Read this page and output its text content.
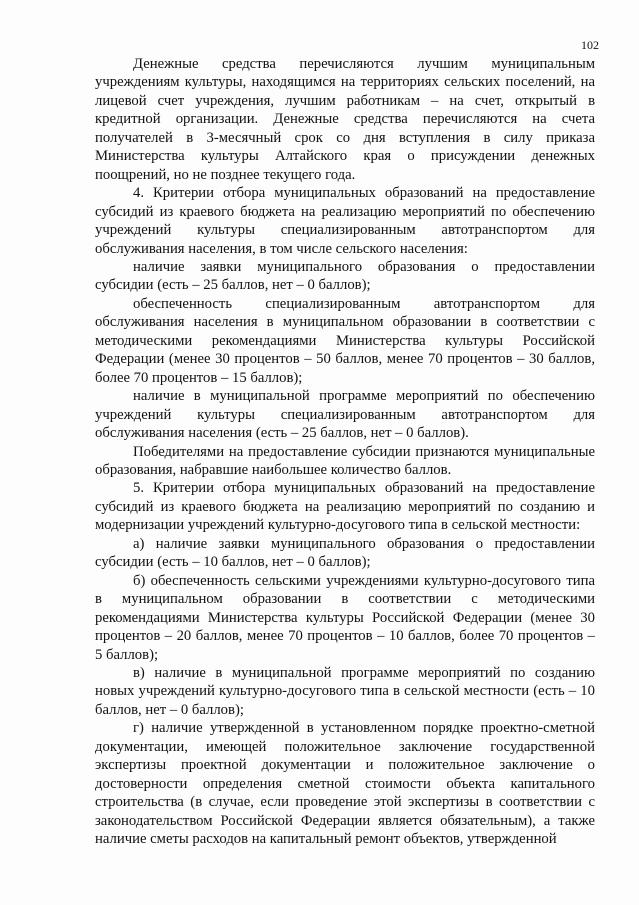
102

Денежные средства перечисляются лучшим муниципальным учреждениям культуры, находящимся на территориях сельских поселений, на лицевой счет учреждения, лучшим работникам – на счет, открытый в кредитной организации. Денежные средства перечисляются на счета получателей в 3-месячный срок со дня вступления в силу приказа Министерства культуры Алтайского края о присуждении денежных поощрений, но не позднее текущего года.

4. Критерии отбора муниципальных образований на предоставление субсидий из краевого бюджета на реализацию мероприятий по обеспечению учреждений культуры специализированным автотранспортом для обслуживания населения, в том числе сельского населения:

наличие заявки муниципального образования о предоставлении субсидии (есть – 25 баллов, нет – 0 баллов);

обеспеченность специализированным автотранспортом для обслуживания населения в муниципальном образовании в соответствии с методическими рекомендациями Министерства культуры Российской Федерации (менее 30 процентов – 50 баллов, менее 70 процентов – 30 баллов, более 70 процентов – 15 баллов);

наличие в муниципальной программе мероприятий по обеспечению учреждений культуры специализированным автотранспортом для обслуживания населения (есть – 25 баллов, нет – 0 баллов).

Победителями на предоставление субсидии признаются муниципальные образования, набравшие наибольшее количество баллов.

5. Критерии отбора муниципальных образований на предоставление субсидий из краевого бюджета на реализацию мероприятий по созданию и модернизации учреждений культурно-досугового типа в сельской местности:

а) наличие заявки муниципального образования о предоставлении субсидии (есть – 10 баллов, нет – 0 баллов);

б) обеспеченность сельскими учреждениями культурно-досугового типа в муниципальном образовании в соответствии с методическими рекомендациями Министерства культуры Российской Федерации (менее 30 процентов – 20 баллов, менее 70 процентов – 10 баллов, более 70 процентов – 5 баллов);

в) наличие в муниципальной программе мероприятий по созданию новых учреждений культурно-досугового типа в сельской местности (есть – 10 баллов, нет – 0 баллов);

г) наличие утвержденной в установленном порядке проектно-сметной документации, имеющей положительное заключение государственной экспертизы проектной документации и положительное заключение о достоверности определения сметной стоимости объекта капитального строительства (в случае, если проведение этой экспертизы в соответствии с законодательством Российской Федерации является обязательным), а также наличие сметы расходов на капитальный ремонт объектов, утвержденной
